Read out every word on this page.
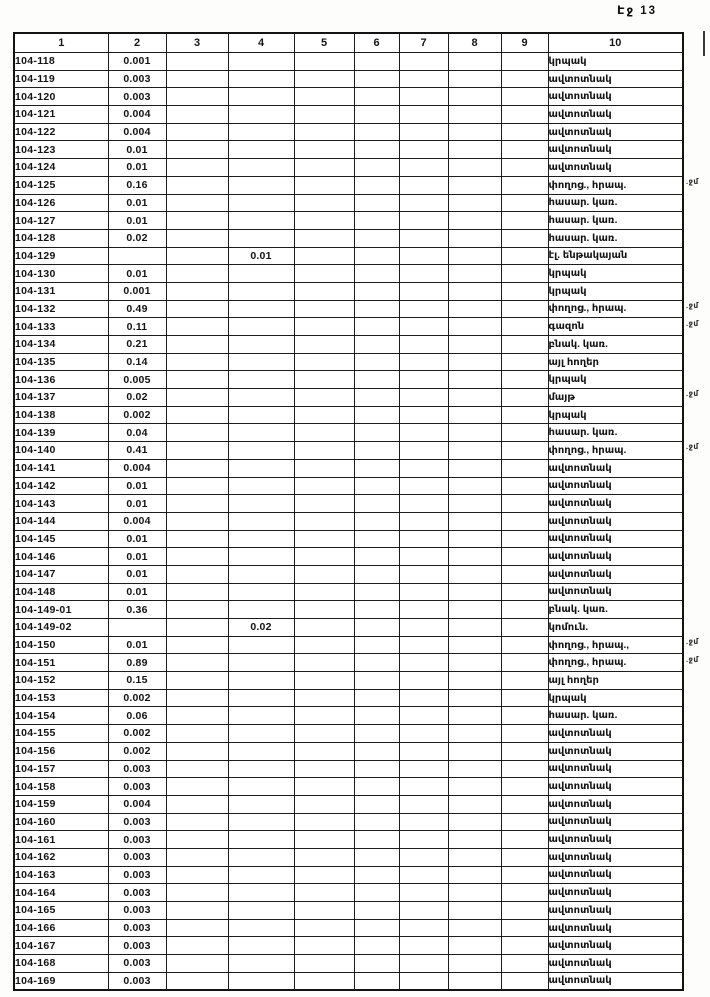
Էջ 13
1	2	3	4	5	6	7	8	9	10
104-118	0.001								կրպակ
104-119	0.003								ավտոտնակ
104-120	0.003								ավտոտնակ
104-121	0.004								ավտոտնակ
104-122	0.004								ավտոտնակ
104-123	0.01								ավտոտնակ
104-124	0.01								ավտոտնակ
104-125	0.16								փողոց., հրապ.
104-126	0.01								հասար. կառ.
104-127	0.01								հասար. կառ.
104-128	0.02								հասար. կառ.
104-129			0.01						էլ. ենթակայան
104-130	0.01								կրպակ
104-131	0.001								կրպակ
104-132	0.49								փողոց., հրապ.
104-133	0.11								գազոն
104-134	0.21								բնակ. կառ.
104-135	0.14								այլ հողեր
104-136	0.005								կրպակ
104-137	0.02								մայթ
104-138	0.002								կրպակ
104-139	0.04								հասար. կառ.
104-140	0.41								փողոց., հրապ.
104-141	0.004								ավտոտնակ
104-142	0.01								ավտոտնակ
104-143	0.01								ավտոտնակ
104-144	0.004								ավտոտնակ
104-145	0.01								ավտոտնակ
104-146	0.01								ավտոտնակ
104-147	0.01								ավտոտնակ
104-148	0.01								ավտոտնակ
104-149-01	0.36								բնակ. կառ.
104-149-02			0.02						կոմուն.
104-150	0.01								փողոց., հրապ.,
104-151	0.89								փողոց., հրապ.
104-152	0.15								այլ հողեր
104-153	0.002								կրպակ
104-154	0.06								հասար. կառ.
104-155	0.002								ավտոտնակ
104-156	0.002								ավտոտնակ
104-157	0.003								ավտոտնակ
104-158	0.003								ավտոտնակ
104-159	0.004								ավտոտնակ
104-160	0.003								ավտոտնակ
104-161	0.003								ավտոտնակ
104-162	0.003								ավտոտնակ
104-163	0.003								ավտոտնակ
104-164	0.003								ավտոտնակ
104-165	0.003								ավտոտնակ
104-166	0.003								ավտոտնակ
104-167	0.003								ավտոտնակ
104-168	0.003								ավտոտնակ
104-169	0.003								ավտոտնակ
.ջմ
.ջմ
.ջմ
.ջմ
.ջմ
.ջմ
.ջմ
